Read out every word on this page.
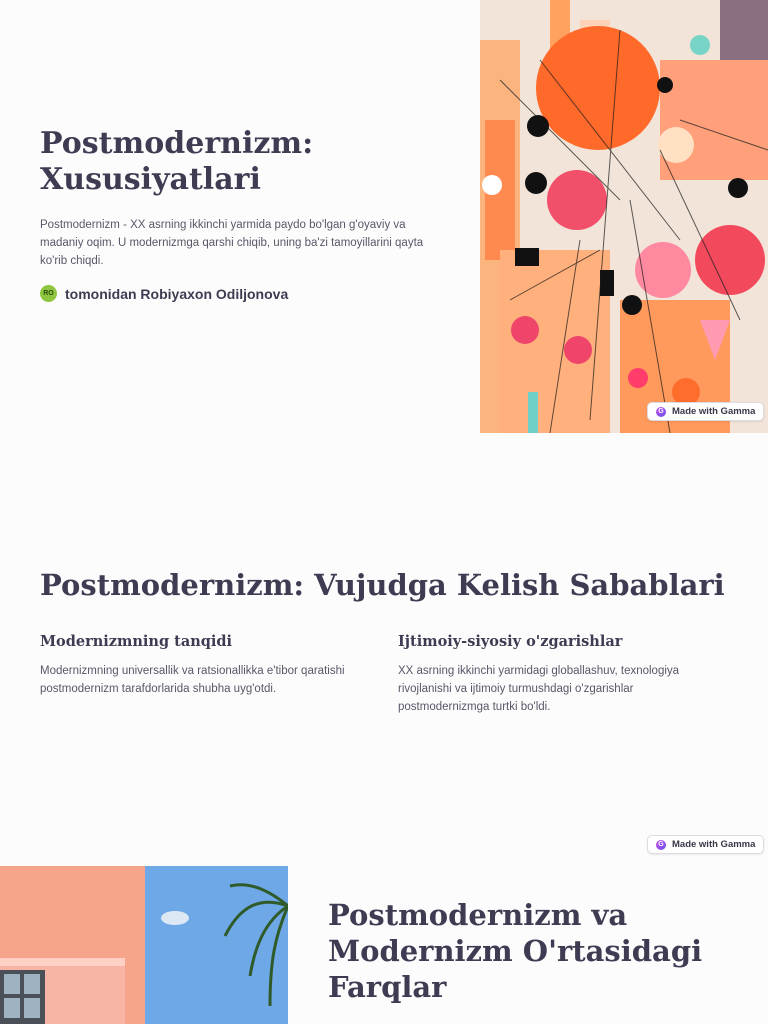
Postmodernizm: Xususiyatlari

Postmodernizm - XX asrning ikkinchi yarmida paydo bo'lgan g'oyaviy va madaniy oqim. U modernizmga qarshi chiqib, uning ba'zi tamoyillarini qayta ko'rib chiqdi.

RO tomonidan Robiyaxon Odiljonova
G Made with Gamma
Postmodernizm: Vujudga Kelish Sabablari
Modernizmning tanqidi

Modernizmning universallik va ratsionallikka e'tibor qaratishi postmodernizm tarafdorlarida shubha uyg'otdi.

Ijtimoiy-siyosiy o'zgarishlar

XX asrning ikkinchi yarmidagi globallashuv, texnologiya rivojlanishi va ijtimoiy turmushdagi o'zgarishlar postmodernizmga turtki bo'ldi.

G Made with Gamma
Postmodernizm va Modernizm O'rtasidagi Farqlar
